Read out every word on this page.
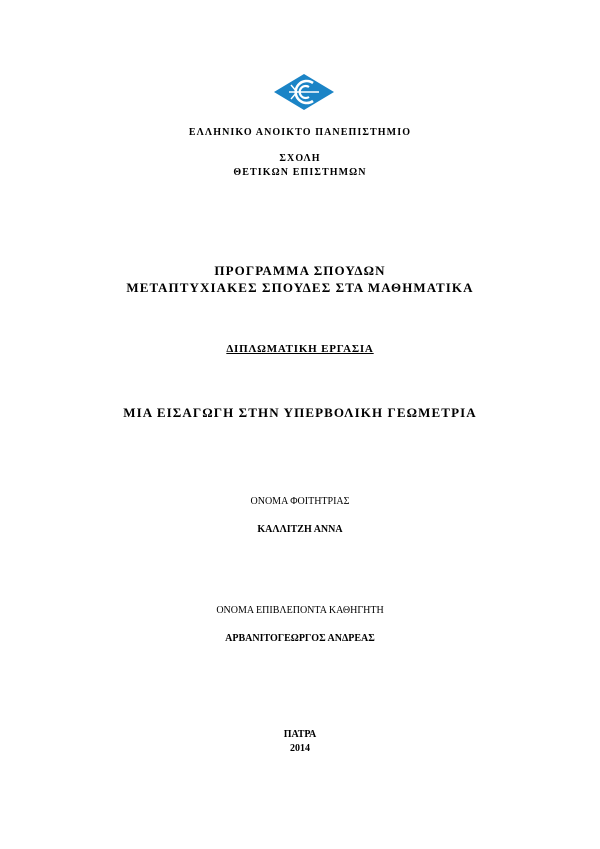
ΕΛΛΗΝΙΚΟ ΑΝΟΙΚΤΟ ΠΑΝΕΠΙΣΤΗΜΙΟ
ΣΧΟΛΗ
ΘΕΤΙΚΩΝ ΕΠΙΣΤΗΜΩΝ
ΠΡΟΓΡΑΜΜΑ ΣΠΟΥΔΩΝ
ΜΕΤΑΠΤΥΧΙΑΚΕΣ ΣΠΟΥΔΕΣ ΣΤΑ ΜΑΘΗΜΑΤΙΚΑ
ΔΙΠΛΩΜΑΤΙΚΗ ΕΡΓΑΣΙΑ
ΜΙΑ ΕΙΣΑΓΩΓΗ ΣΤΗΝ ΥΠΕΡΒΟΛΙΚΗ ΓΕΩΜΕΤΡΙΑ
ΟΝΟΜΑ ΦΟΙΤΗΤΡΙΑΣ
ΚΑΛΛΙΤΖΗ ΑΝΝΑ
ΟΝΟΜΑ ΕΠΙΒΛΕΠΟΝΤΑ ΚΑΘΗΓΗΤΗ
ΑΡΒΑΝΙΤΟΓΕΩΡΓΟΣ ΑΝΔΡΕΑΣ
ΠΑΤΡΑ
2014
